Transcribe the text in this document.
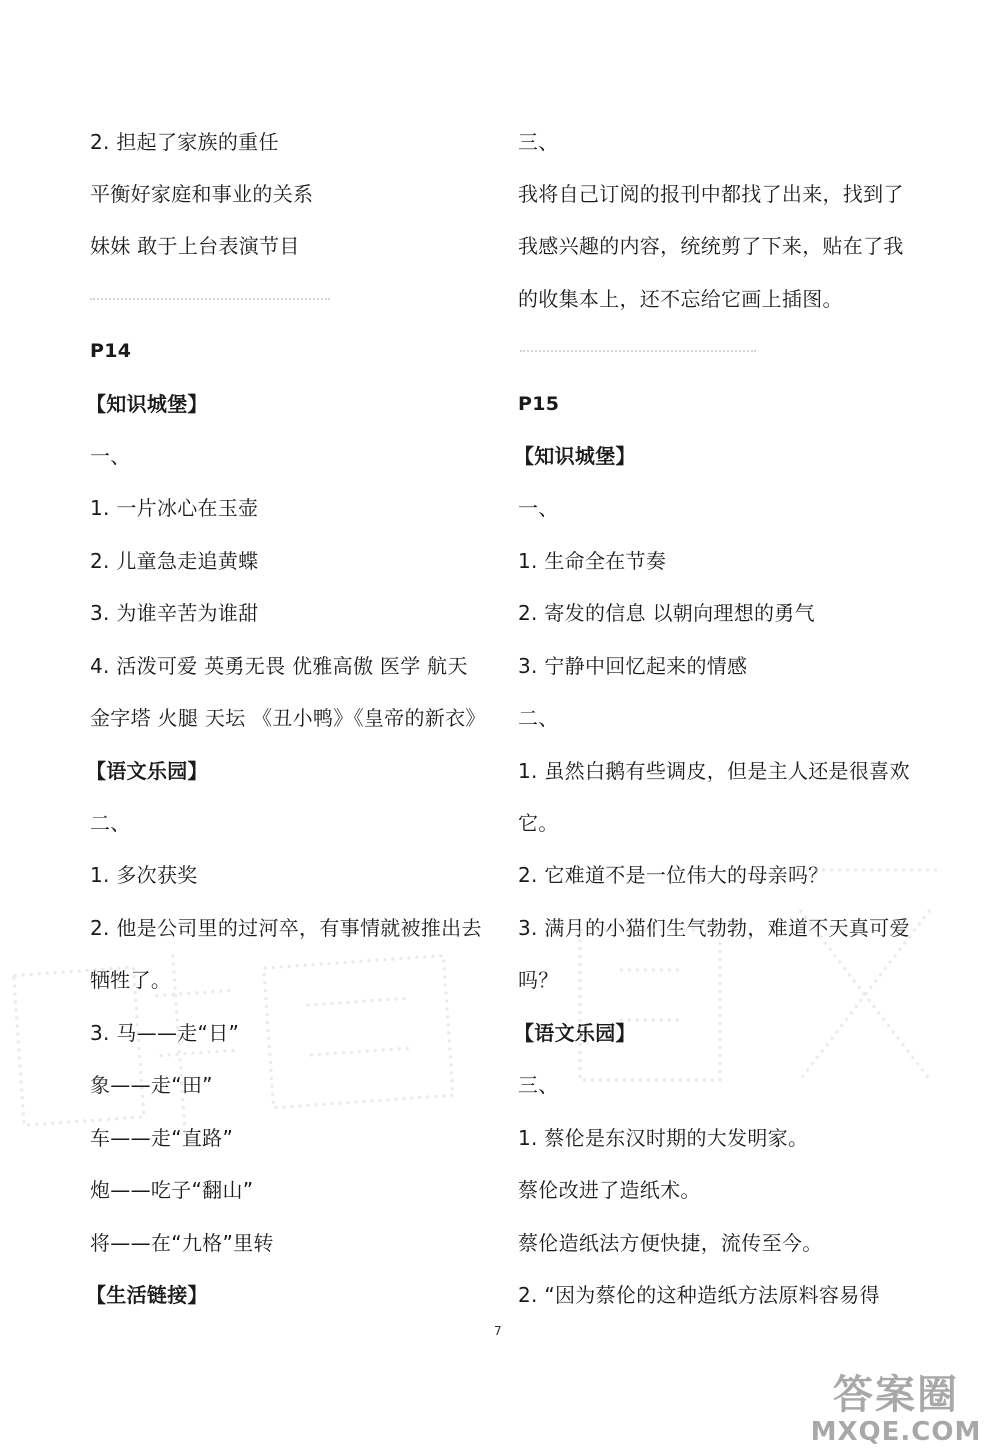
2. 担起了家族的重任
平衡好家庭和事业的关系
妹妹 敢于上台表演节目
P14
【知识城堡】
一、
1. 一片冰心在玉壶
2. 儿童急走追黄蝶
3. 为谁辛苦为谁甜
4. 活泼可爱 英勇无畏 优雅高傲 医学 航天
金字塔 火腿 天坛 《丑小鸭》《皇帝的新衣》
【语文乐园】
二、
1. 多次获奖
2. 他是公司里的过河卒，有事情就被推出去
牺牲了。
3. 马——走“日”
象——走“田”
车——走“直路”
炮——吃子“翻山”
将——在“九格”里转
【生活链接】
三、
我将自己订阅的报刊中都找了出来，找到了
我感兴趣的内容，统统剪了下来，贴在了我
的收集本上，还不忘给它画上插图。
P15
【知识城堡】
一、
1. 生命全在节奏
2. 寄发的信息 以朝向理想的勇气
3. 宁静中回忆起来的情感
二、
1. 虽然白鹅有些调皮，但是主人还是很喜欢
它。
2. 它难道不是一位伟大的母亲吗？
3. 满月的小猫们生气勃勃，难道不天真可爱
吗？
【语文乐园】
三、
1. 蔡伦是东汉时期的大发明家。
蔡伦改进了造纸术。
蔡伦造纸法方便快捷，流传至今。
2. “因为蔡伦的这种造纸方法原料容易得
7
答案圈
MXQE.COM
